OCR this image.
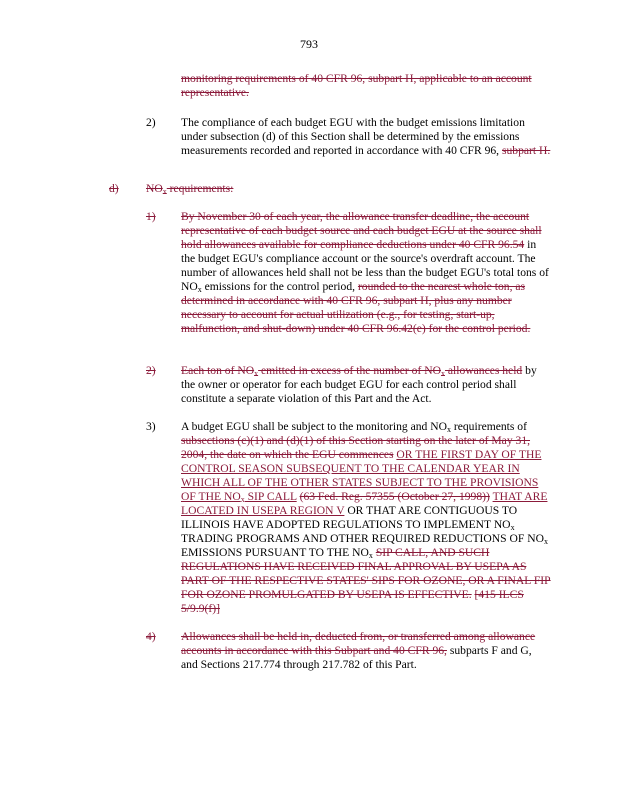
793
monitoring requirements of 40 CFR 96, subpart H, applicable to an account representative.
2) The compliance of each budget EGU with the budget emissions limitation under subsection (d) of this Section shall be determined by the emissions measurements recorded and reported in accordance with 40 CFR 96, subpart H.
d) $NO_x$ requirements:
1) By November 30 of each year, the allowance transfer deadline, the account representative of each budget source and each budget EGU at the source shall hold allowances available for compliance deductions under 40 CFR 96.54 in the budget EGU's compliance account or the source's overdraft account. The number of allowances held shall not be less than the budget EGU's total tons of $NO_x$ emissions for the control period, rounded to the nearest whole ton, as determined in accordance with 40 CFR 96, subpart H, plus any number necessary to account for actual utilization (e.g., for testing, start-up, malfunction, and shut-down) under 40 CFR 96.42(e) for the control period.
2) Each ton of $NO_x$ emitted in excess of the number of $NO_x$ allowances held by the owner or operator for each budget EGU for each control period shall constitute a separate violation of this Part and the Act.
3) A budget EGU shall be subject to the monitoring and $NO_x$ requirements of subsections (c)(1) and (d)(1) of this Section starting on the later of May 31, 2004, the date on which the EGU commences OR THE FIRST DAY OF THE CONTROL SEASON SUBSEQUENT TO THE CALENDAR YEAR IN WHICH ALL OF THE OTHER STATES SUBJECT TO THE PROVISIONS OF THE $NO_x$ SIP CALL (63 Fed. Reg. 57355 (October 27, 1998)) THAT ARE LOCATED IN USEPA REGION V OR THAT ARE CONTIGUOUS TO ILLINOIS HAVE ADOPTED REGULATIONS TO IMPLEMENT $NO_x$ TRADING PROGRAMS AND OTHER REQUIRED REDUCTIONS OF $NO_x$ EMISSIONS PURSUANT TO THE $NO_x$ SIP CALL, AND SUCH REGULATIONS HAVE RECEIVED FINAL APPROVAL BY USEPA AS PART OF THE RESPECTIVE STATES' SIPS FOR OZONE, OR A FINAL FIP FOR OZONE PROMULGATED BY USEPA IS EFFECTIVE. [415 ILCS 5/9.9(f)]
4) Allowances shall be held in, deducted from, or transferred among allowance accounts in accordance with this Subpart and 40 CFR 96, subparts F and G, and Sections 217.774 through 217.782 of this Part.
